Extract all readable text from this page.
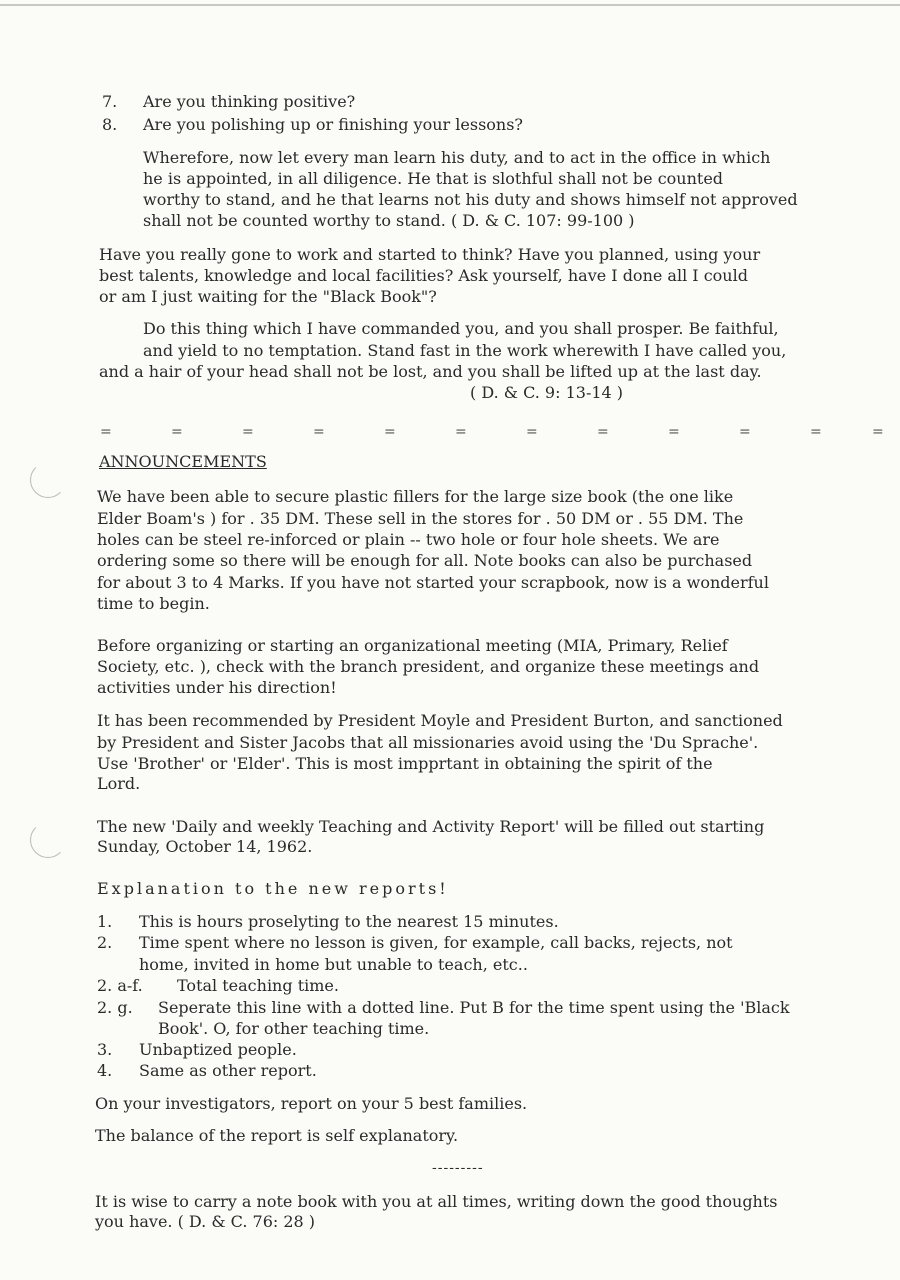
7. Are you thinking positive?
8. Are you polishing up or finishing your lessons?
Wherefore, now let every man learn his duty, and to act in the office in which
he is appointed, in all diligence. He that is slothful shall not be counted
worthy to stand, and he that learns not his duty and shows himself not approved
shall not be counted worthy to stand. ( D. & C. 107: 99-100 )
Have you really gone to work and started to think? Have you planned, using your
best talents, knowledge and local facilities? Ask yourself, have I done all I could
or am I just waiting for the "Black Book"?
Do this thing which I have commanded you, and you shall prosper. Be faithful,
and yield to no temptation. Stand fast in the work wherewith I have called you,
and a hair of your head shall not be lost, and you shall be lifted up at the last day.
( D. & C. 9: 13-14 )
=	=	=	=	=	=	=	=	=	=	=	=
ANNOUNCEMENTS
We have been able to secure plastic fillers for the large size book (the one like
Elder Boam's ) for . 35 DM. These sell in the stores for . 50 DM or . 55 DM. The
holes can be steel re-inforced or plain -- two hole or four hole sheets. We are
ordering some so there will be enough for all. Note books can also be purchased
for about 3 to 4 Marks. If you have not started your scrapbook, now is a wonderful
time to begin.
Before organizing or starting an organizational meeting (MIA, Primary, Relief
Society, etc. ), check with the branch president, and organize these meetings and
activities under his direction!
It has been recommended by President Moyle and President Burton, and sanctioned
by President and Sister Jacobs that all missionaries avoid using the 'Du Sprache'.
Use 'Brother' or 'Elder'. This is most impprtant in obtaining the spirit of the
Lord.
The new 'Daily and weekly Teaching and Activity Report' will be filled out starting
Sunday, October 14, 1962.
Explanation to the new reports!
1. This is hours proselyting to the nearest 15 minutes.
2. Time spent where no lesson is given, for example, call backs, rejects, not
home, invited in home but unable to teach, etc..
2. a-f. Total teaching time.
2. g. Seperate this line with a dotted line. Put B for the time spent using the 'Black
Book'. O, for other teaching time.
3. Unbaptized people.
4. Same as other report.
On your investigators, report on your 5 best families.
The balance of the report is self explanatory.
---------
It is wise to carry a note book with you at all times, writing down the good thoughts
you have. ( D. & C. 76: 28 )
